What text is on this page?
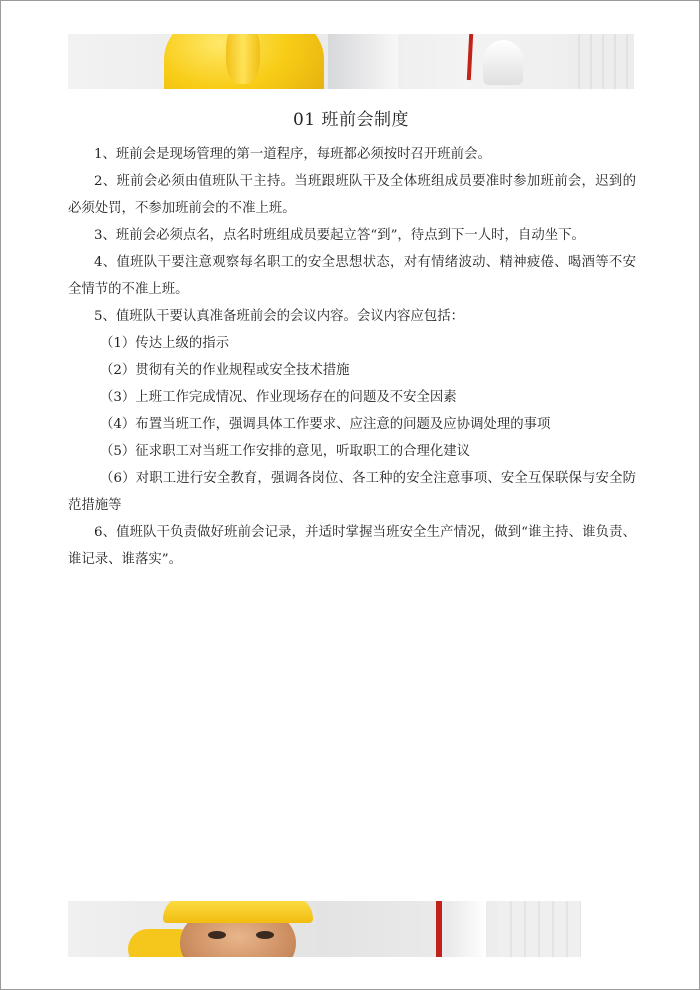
01 班前会制度

1、班前会是现场管理的第一道程序，每班都必须按时召开班前会。

2、班前会必须由值班队干主持。当班跟班队干及全体班组成员要准时参加班前会，迟到的必须处罚，不参加班前会的不准上班。

3、班前会必须点名，点名时班组成员要起立答“到”，待点到下一人时，自动坐下。

4、值班队干要注意观察每名职工的安全思想状态，对有情绪波动、精神疲倦、喝酒等不安全情节的不准上班。

5、值班队干要认真准备班前会的会议内容。会议内容应包括：

（1）传达上级的指示

（2）贯彻有关的作业规程或安全技术措施

（3）上班工作完成情况、作业现场存在的问题及不安全因素

（4）布置当班工作，强调具体工作要求、应注意的问题及应协调处理的事项

（5）征求职工对当班工作安排的意见，听取职工的合理化建议

（6）对职工进行安全教育，强调各岗位、各工种的安全注意事项、安全互保联保与安全防范措施等

6、值班队干负责做好班前会记录，并适时掌握当班安全生产情况，做到“谁主持、谁负责、谁记录、谁落实”。
